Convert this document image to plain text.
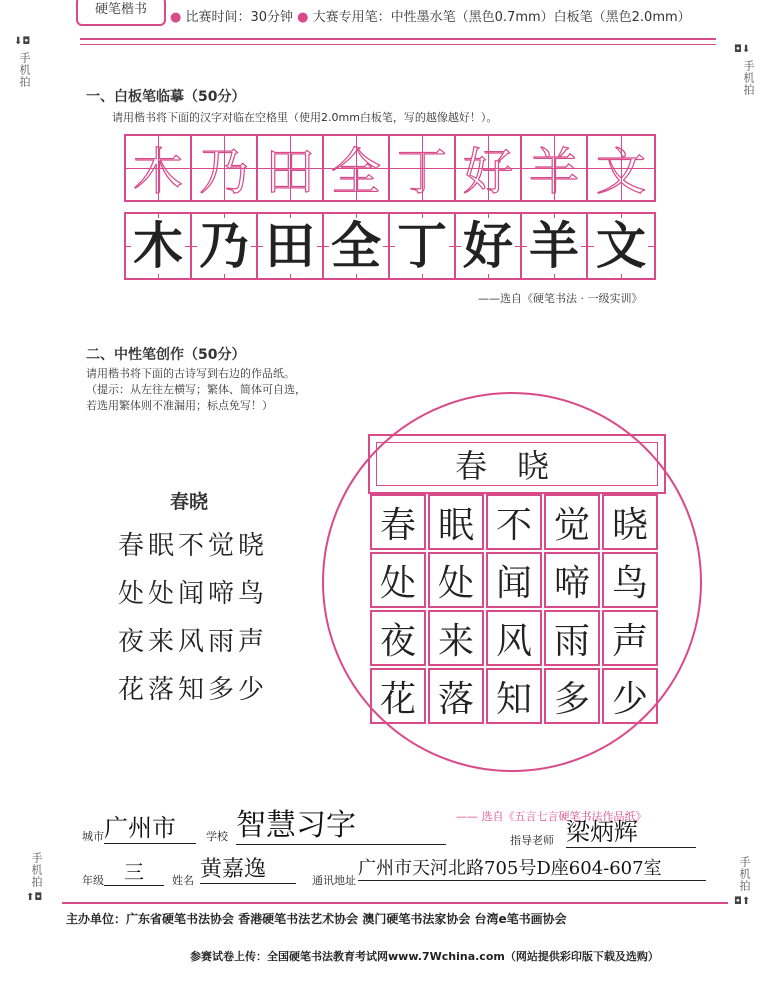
硬笔楷书
● 比赛时间：30分钟 ● 大赛专用笔：中性墨水笔（黑色0.7mm）白板笔（黑色2.0mm）
⬇◘
手机拍
◘⬇
手机拍
一、白板笔临摹（50分）
请用楷书将下面的汉字对临在空格里（使用2.0mm白板笔，写的越像越好！）。
木 乃 田 全 丁 好 羊 文
木 乃 田 全 丁 好 羊 文
——选自《硬笔书法 · 一级实训》
二、中性笔创作（50分）
请用楷书将下面的古诗写到右边的作品纸。
（提示：从左往左横写；繁体、简体可自选，
若选用繁体则不准漏用；标点免写！）
春晓
春眠不觉晓
处处闻啼鸟
夜来风雨声
花落知多少
春晓
春 眠 不 觉 晓
处 处 闻 啼 鸟
夜 来 风 雨 声
花 落 知 多 少
—— 选自《五言七言硬笔书法作品纸》
城市 广州市	学校 智慧习字	指导老师 梁炳辉
年级	三	姓名 黄嘉逸	通讯地址
广州市天河北路705号D座604-607室
手机拍
⬆◘
手机拍
◘⬆
主办单位：广东省硬笔书法协会 香港硬笔书法艺术协会 澳门硬笔书法家协会 台湾e笔书画协会
参赛试卷上传：全国硬笔书法教育考试网www.7Wchina.com（网站提供彩印版下载及选购）
